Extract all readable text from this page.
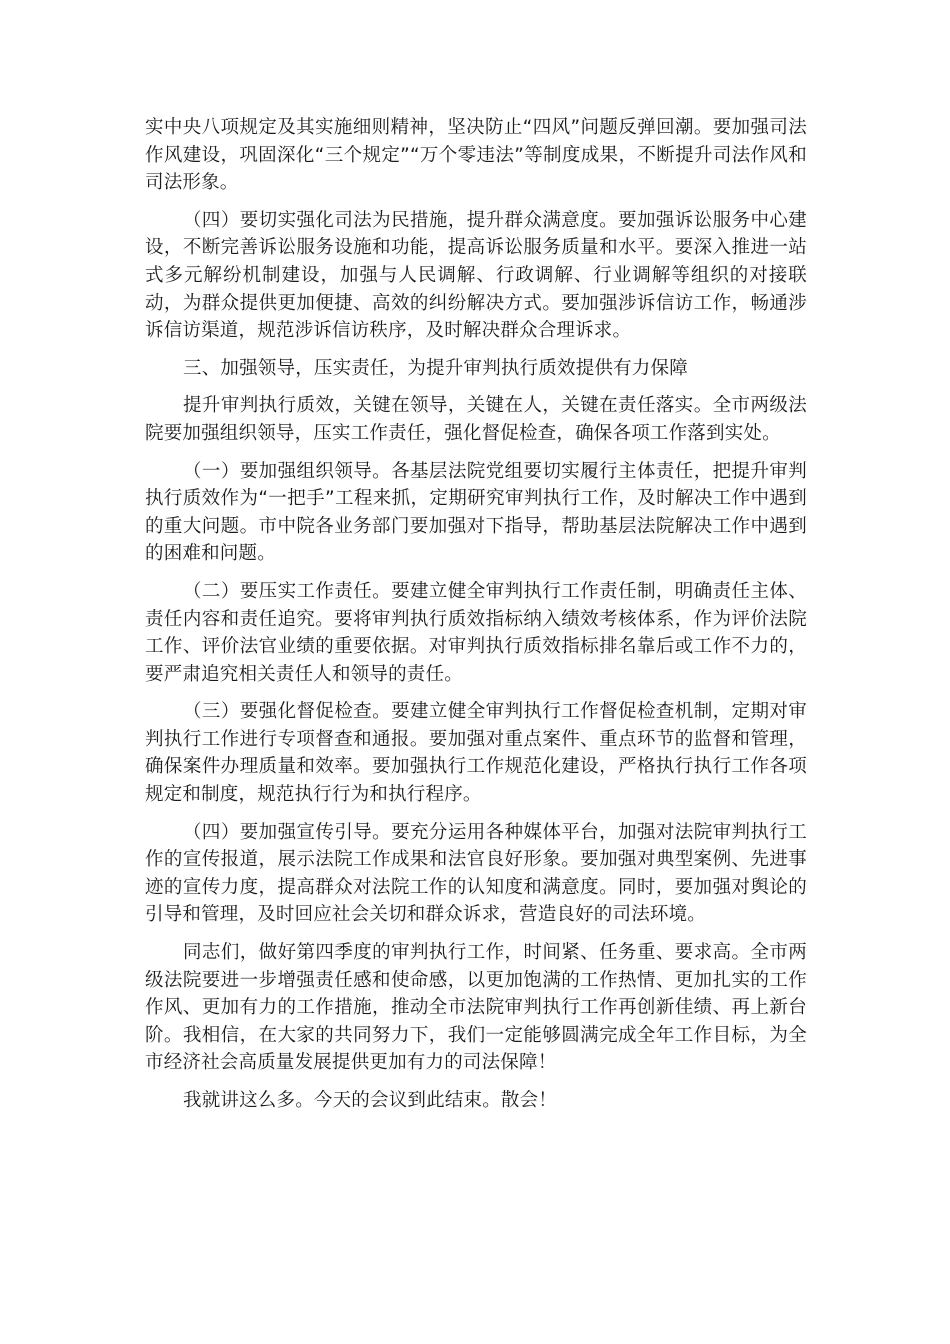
实中央八项规定及其实施细则精神，坚决防止“四风”问题反弹回潮。要加强司法作风建设，巩固深化“三个规定”“万个零违法”等制度成果，不断提升司法作风和司法形象。

（四）要切实强化司法为民措施，提升群众满意度。要加强诉讼服务中心建设，不断完善诉讼服务设施和功能，提高诉讼服务质量和水平。要深入推进一站式多元解纷机制建设，加强与人民调解、行政调解、行业调解等组织的对接联动，为群众提供更加便捷、高效的纠纷解决方式。要加强涉诉信访工作，畅通涉诉信访渠道，规范涉诉信访秩序，及时解决群众合理诉求。

三、加强领导，压实责任，为提升审判执行质效提供有力保障

提升审判执行质效，关键在领导，关键在人，关键在责任落实。全市两级法院要加强组织领导，压实工作责任，强化督促检查，确保各项工作落到实处。

（一）要加强组织领导。各基层法院党组要切实履行主体责任，把提升审判执行质效作为“一把手”工程来抓，定期研究审判执行工作，及时解决工作中遇到的重大问题。市中院各业务部门要加强对下指导，帮助基层法院解决工作中遇到的困难和问题。

（二）要压实工作责任。要建立健全审判执行工作责任制，明确责任主体、责任内容和责任追究。要将审判执行质效指标纳入绩效考核体系，作为评价法院工作、评价法官业绩的重要依据。对审判执行质效指标排名靠后或工作不力的，要严肃追究相关责任人和领导的责任。

（三）要强化督促检查。要建立健全审判执行工作督促检查机制，定期对审判执行工作进行专项督查和通报。要加强对重点案件、重点环节的监督和管理，确保案件办理质量和效率。要加强执行工作规范化建设，严格执行执行工作各项规定和制度，规范执行行为和执行程序。

（四）要加强宣传引导。要充分运用各种媒体平台，加强对法院审判执行工作的宣传报道，展示法院工作成果和法官良好形象。要加强对典型案例、先进事迹的宣传力度，提高群众对法院工作的认知度和满意度。同时，要加强对舆论的引导和管理，及时回应社会关切和群众诉求，营造良好的司法环境。

同志们，做好第四季度的审判执行工作，时间紧、任务重、要求高。全市两级法院要进一步增强责任感和使命感，以更加饱满的工作热情、更加扎实的工作作风、更加有力的工作措施，推动全市法院审判执行工作再创新佳绩、再上新台阶。我相信，在大家的共同努力下，我们一定能够圆满完成全年工作目标，为全市经济社会高质量发展提供更加有力的司法保障！

我就讲这么多。今天的会议到此结束。散会！
